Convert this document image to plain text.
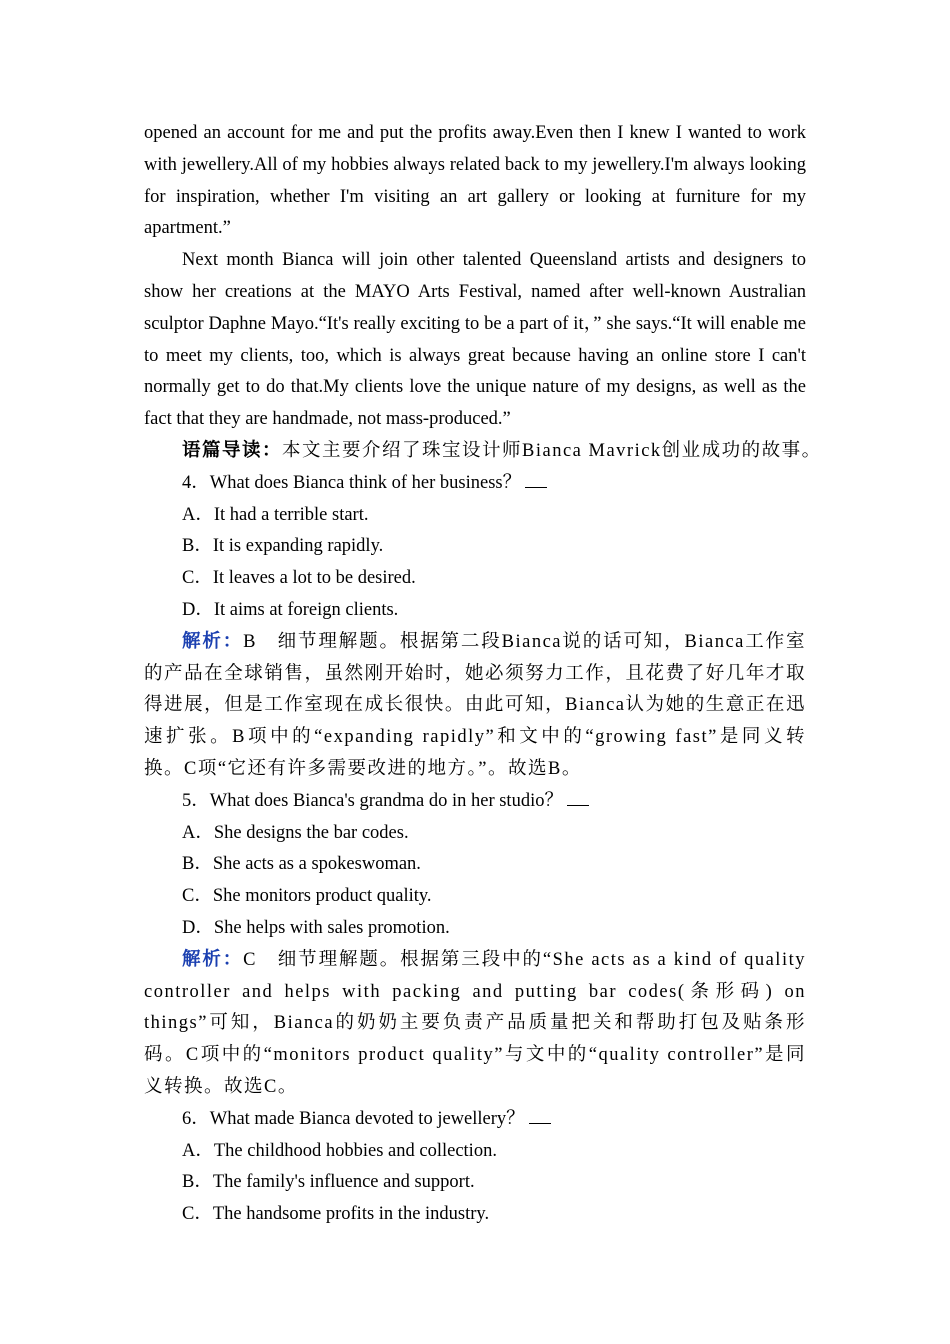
opened an account for me and put the profits away.Even then I knew I wanted to work with jewellery.All of my hobbies always related back to my jewellery.I'm always looking for inspiration, whether I'm visiting an art gallery or looking at furniture for my apartment.”

Next month Bianca will join other talented Queensland artists and designers to show her creations at the MAYO Arts Festival, named after well-known Australian sculptor Daphne Mayo.“It's really exciting to be a part of it，” she says.“It will enable me to meet my clients, too, which is always great because having an online store I can't normally get to do that.My clients love the unique nature of my designs, as well as the fact that they are handmade, not mass-produced.”

语篇导读：本文主要介绍了珠宝设计师Bianca Mavrick创业成功的故事。

4．What does Bianca think of her business？

A．It had a terrible start.

B．It is expanding rapidly.

C．It leaves a lot to be desired.

D．It aims at foreign clients.

解析：B　细节理解题。根据第二段Bianca说的话可知，Bianca工作室的产品在全球销售，虽然刚开始时，她必须努力工作，且花费了好几年才取得进展，但是工作室现在成长很快。由此可知，Bianca认为她的生意正在迅速扩张。B项中的“expanding rapidly”和文中的“growing fast”是同义转换。C项“它还有许多需要改进的地方。”。故选B。

5．What does Bianca's grandma do in her studio？

A．She designs the bar codes.

B．She acts as a spokeswoman.

C．She monitors product quality.

D．She helps with sales promotion.

解析：C　细节理解题。根据第三段中的“She acts as a kind of quality controller and helps with packing and putting bar codes(条形码) on things”可知，Bianca的奶奶主要负责产品质量把关和帮助打包及贴条形码。C项中的“monitors product quality”与文中的“quality controller”是同义转换。故选C。

6．What made Bianca devoted to jewellery？

A．The childhood hobbies and collection.

B．The family's influence and support.

C．The handsome profits in the industry.
